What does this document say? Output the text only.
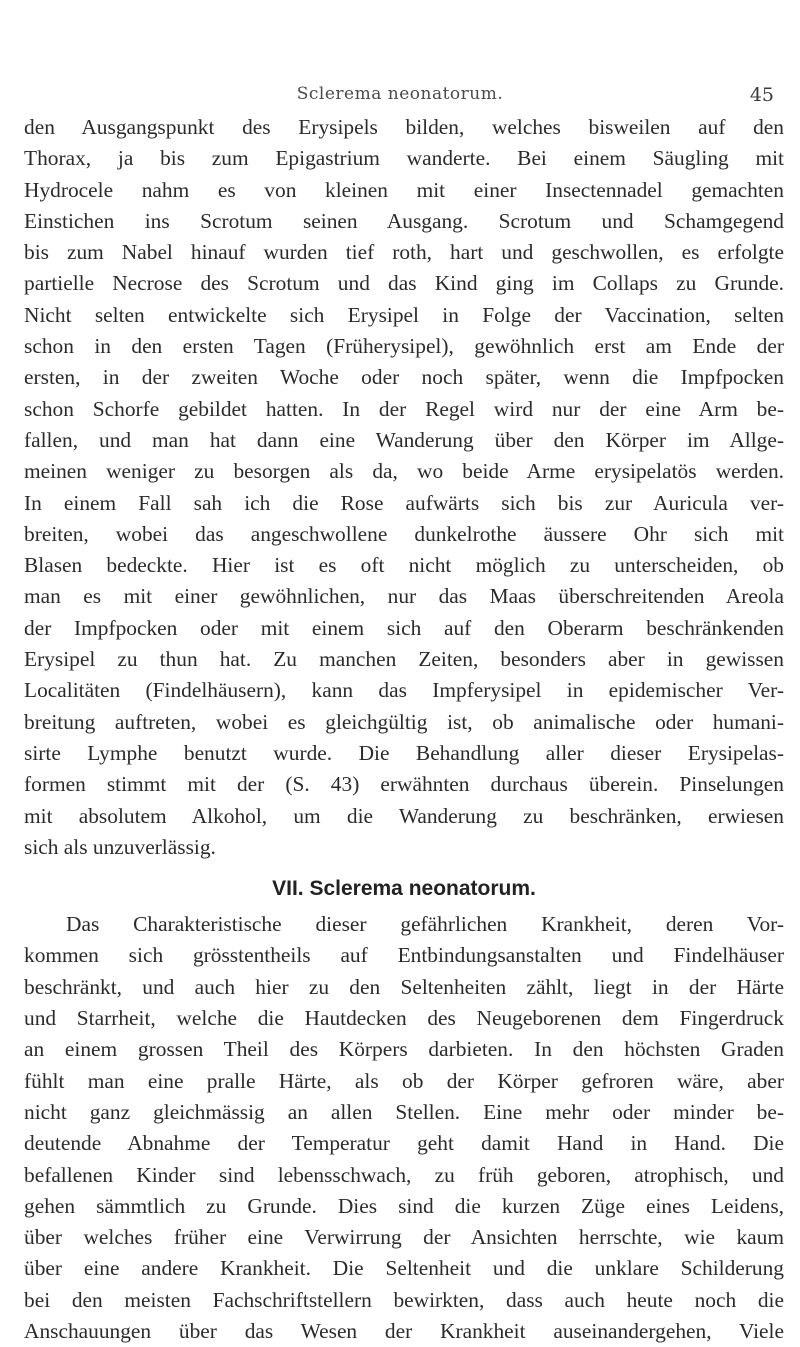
Sclerema neonatorum.	45
den Ausgangspunkt des Erysipels bilden, welches bisweilen auf den
Thorax, ja bis zum Epigastrium wanderte. Bei einem Säugling mit
Hydrocele nahm es von kleinen mit einer Insectennadel gemachten
Einstichen ins Scrotum seinen Ausgang. Scrotum und Schamgegend
bis zum Nabel hinauf wurden tief roth, hart und geschwollen, es erfolgte
partielle Necrose des Scrotum und das Kind ging im Collaps zu Grunde.
Nicht selten entwickelte sich Erysipel in Folge der Vaccination, selten
schon in den ersten Tagen (Früherysipel), gewöhnlich erst am Ende der
ersten, in der zweiten Woche oder noch später, wenn die Impfpocken
schon Schorfe gebildet hatten. In der Regel wird nur der eine Arm be-
fallen, und man hat dann eine Wanderung über den Körper im Allge-
meinen weniger zu besorgen als da, wo beide Arme erysipelatös werden.
In einem Fall sah ich die Rose aufwärts sich bis zur Auricula ver-
breiten, wobei das angeschwollene dunkelrothe äussere Ohr sich mit
Blasen bedeckte. Hier ist es oft nicht möglich zu unterscheiden, ob
man es mit einer gewöhnlichen, nur das Maas überschreitenden Areola
der Impfpocken oder mit einem sich auf den Oberarm beschränkenden
Erysipel zu thun hat. Zu manchen Zeiten, besonders aber in gewissen
Localitäten (Findelhäusern), kann das Impferysipel in epidemischer Ver-
breitung auftreten, wobei es gleichgültig ist, ob animalische oder humani-
sirte Lymphe benutzt wurde. Die Behandlung aller dieser Erysipelas-
formen stimmt mit der (S. 43) erwähnten durchaus überein. Pinselungen
mit absolutem Alkohol, um die Wanderung zu beschränken, erwiesen
sich als unzuverlässig.
VII. Sclerema neonatorum.
Das Charakteristische dieser gefährlichen Krankheit, deren Vor-
kommen sich grösstentheils auf Entbindungsanstalten und Findelhäuser
beschränkt, und auch hier zu den Seltenheiten zählt, liegt in der Härte
und Starrheit, welche die Hautdecken des Neugeborenen dem Fingerdruck
an einem grossen Theil des Körpers darbieten. In den höchsten Graden
fühlt man eine pralle Härte, als ob der Körper gefroren wäre, aber
nicht ganz gleichmässig an allen Stellen. Eine mehr oder minder be-
deutende Abnahme der Temperatur geht damit Hand in Hand. Die
befallenen Kinder sind lebensschwach, zu früh geboren, atrophisch, und
gehen sämmtlich zu Grunde. Dies sind die kurzen Züge eines Leidens,
über welches früher eine Verwirrung der Ansichten herrschte, wie kaum
über eine andere Krankheit. Die Seltenheit und die unklare Schilderung
bei den meisten Fachschriftstellern bewirkten, dass auch heute noch die
Anschauungen über das Wesen der Krankheit auseinandergehen, Viele
